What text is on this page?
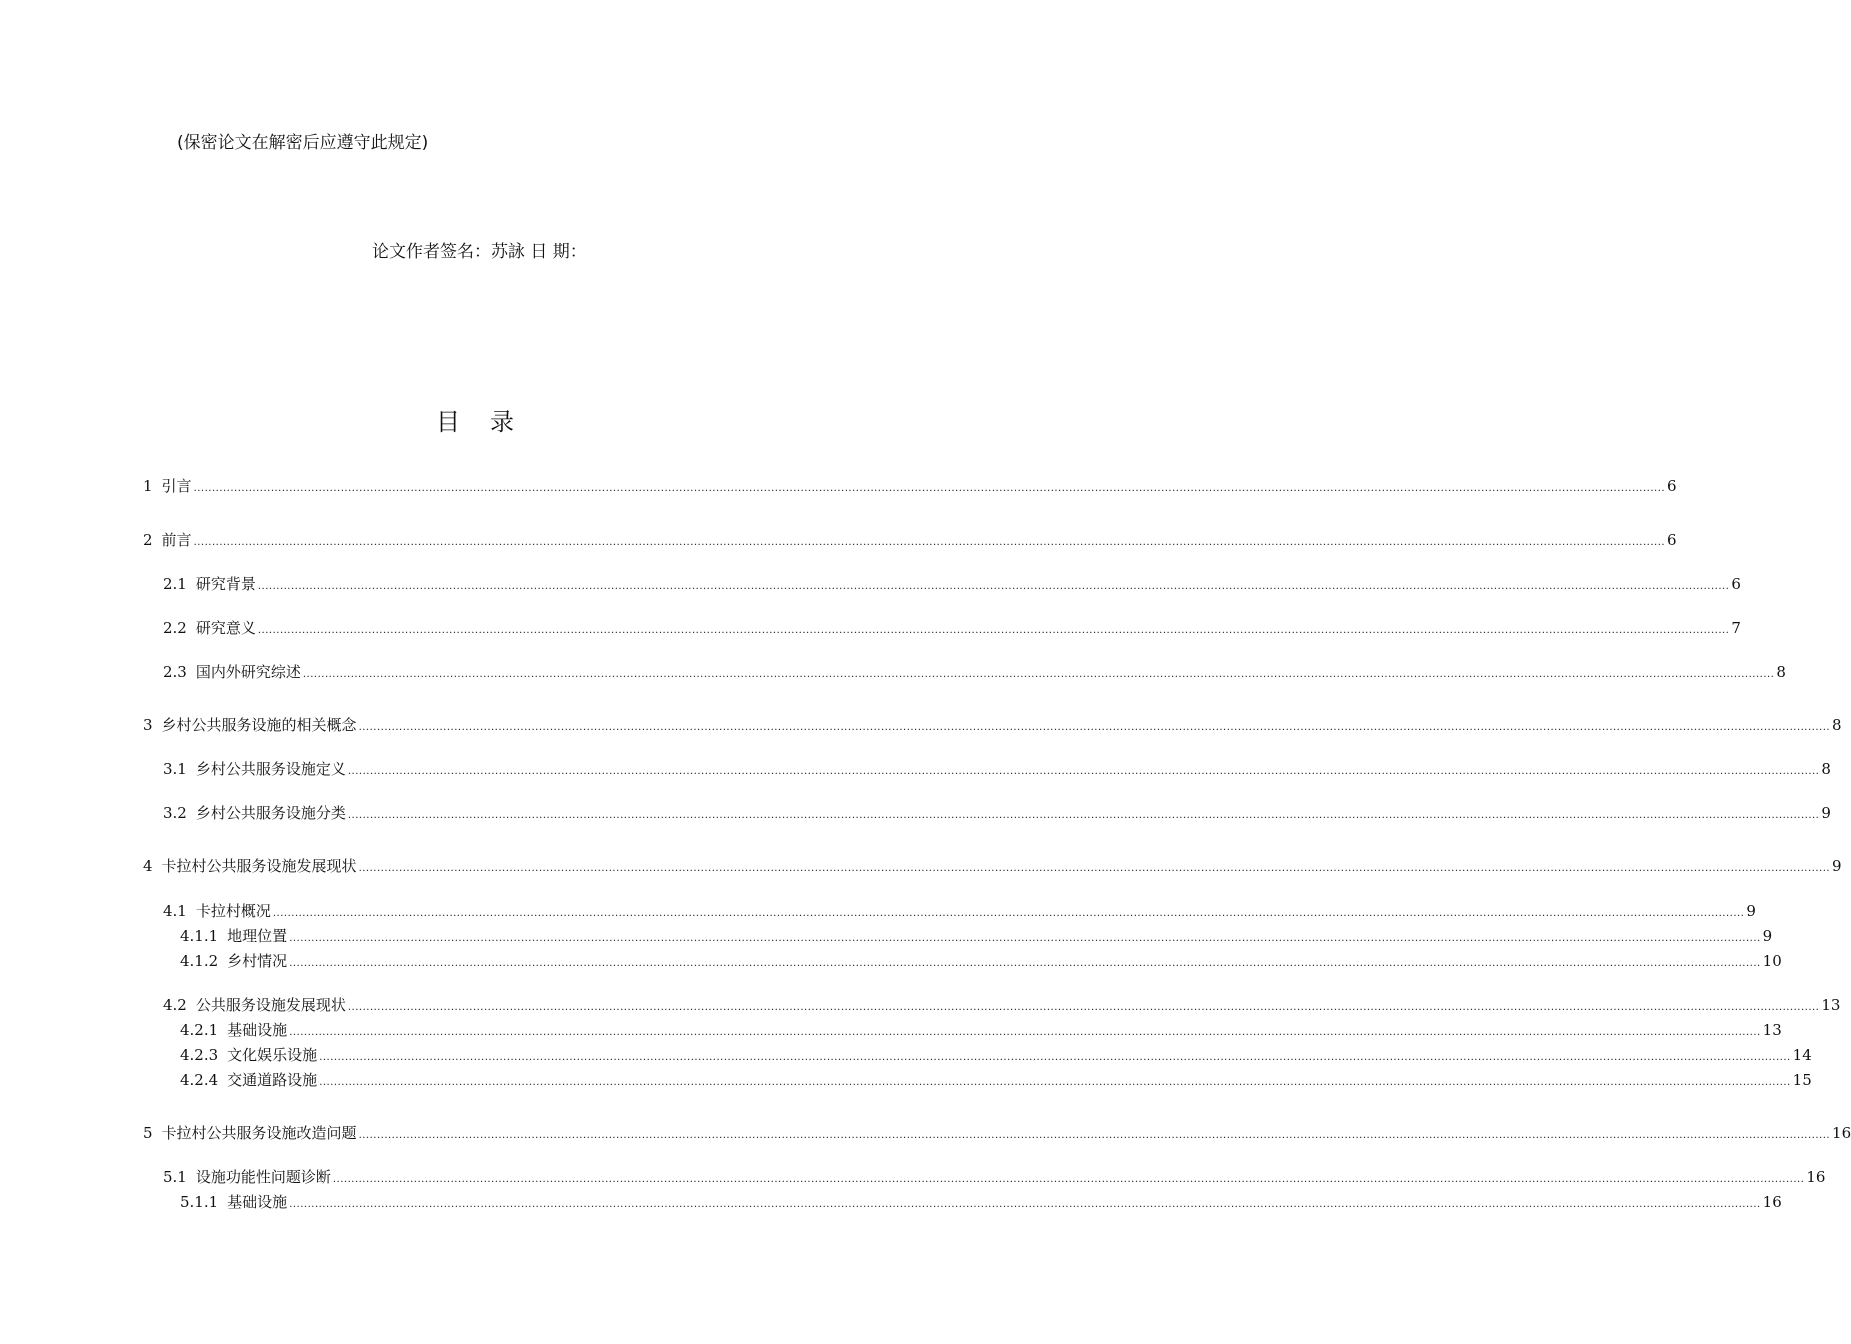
(保密论文在解密后应遵守此规定)
论文作者签名：苏詠 日 期：
目录
1 引言 ................................................................................................................................................................................................................................................................................................................................................................................................................ 6
2 前言 ................................................................................................................................................................................................................................................................................................................................................................................................................ 6
2.1 研究背景 ................................................................................................................................................................................................................................................................................................................................................................................................................ 6
2.2 研究意义 ................................................................................................................................................................................................................................................................................................................................................................................................................ 7
2.3 国内外研究综述 ................................................................................................................................................................................................................................................................................................................................................................................................................ 8
3 乡村公共服务设施的相关概念 ................................................................................................................................................................................................................................................................................................................................................................................................................ 8
3.1 乡村公共服务设施定义 ................................................................................................................................................................................................................................................................................................................................................................................................................ 8
3.2 乡村公共服务设施分类 ................................................................................................................................................................................................................................................................................................................................................................................................................ 9
4 卡拉村公共服务设施发展现状 ................................................................................................................................................................................................................................................................................................................................................................................................................ 9
4.1 卡拉村概况 ................................................................................................................................................................................................................................................................................................................................................................................................................ 9
4.1.1 地理位置 ................................................................................................................................................................................................................................................................................................................................................................................................................ 9
4.1.2 乡村情况 ................................................................................................................................................................................................................................................................................................................................................................................................................ 10
4.2 公共服务设施发展现状 ................................................................................................................................................................................................................................................................................................................................................................................................................ 13
4.2.1 基础设施 ................................................................................................................................................................................................................................................................................................................................................................................................................ 13
4.2.3 文化娱乐设施 ................................................................................................................................................................................................................................................................................................................................................................................................................ 14
4.2.4 交通道路设施 ................................................................................................................................................................................................................................................................................................................................................................................................................ 15
5 卡拉村公共服务设施改造问题 ................................................................................................................................................................................................................................................................................................................................................................................................................ 16
5.1 设施功能性问题诊断 ................................................................................................................................................................................................................................................................................................................................................................................................................ 16
5.1.1 基础设施 ................................................................................................................................................................................................................................................................................................................................................................................................................ 16
